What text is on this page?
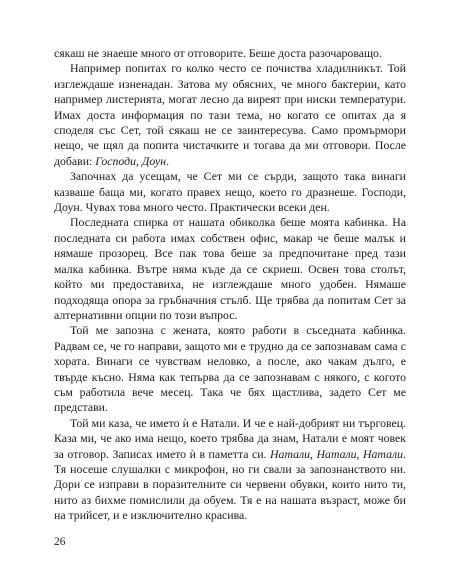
сякаш не знаеше много от отговорите. Беше доста разочароващо.

Например попитах го колко често се почиства хладилникът. Той изглеждаше изненадан. Затова му обясних, че много бактерии, като например листерията, могат лесно да виреят при ниски температури. Имах доста информация по тази тема, но когато се опитах да я споделя със Сет, той сякаш не се заинтересува. Само промърмори нещо, че щял да попита чистачките и тогава да ми отговори. После добави: Господи, Доун.

Започнах да усещам, че Сет ми се сърди, защото така винаги казваше баща ми, когато правех нещо, което го дразнеше. Господи, Доун. Чувах това много често. Практически всеки ден.

Последната спирка от нашата обиколка беше моята кабинка. На последната си работа имах собствен офис, макар че беше малък и нямаше прозорец. Все пак това беше за предпочитане пред тази малка кабинка. Вътре няма къде да се скриеш. Освен това столът, който ми предоставиха, не изглеждаше много удобен. Нямаше подходяща опора за гръбначния стълб. Ще трябва да попитам Сет за алтернативни опции по този въпрос.

Той ме запозна с жената, която работи в съседната кабинка. Радвам се, че го направи, защото ми е трудно да се запознавам сама с хората. Винаги се чувствам неловко, а после, ако чакам дълго, е твърде късно. Няма как тепърва да се запознавам с някого, с когото съм работила вече месец. Така че бях щастлива, задето Сет ме представи.

Той ми каза, че името ѝ е Натали. И че е най-добрият ни търговец. Каза ми, че ако има нещо, което трябва да знам, Натали е моят човек за отговор. Записах името ѝ в паметта си. Натали, Натали, Натали. Тя носеше слушалки с микрофон, но ги свали за запознанството ни. Дори се изправи в поразителните си червени обувки, които нито ти, нито аз бихме помислили да обуем. Тя е на нашата възраст, може би на трийсет, и е изключително красива.

26
